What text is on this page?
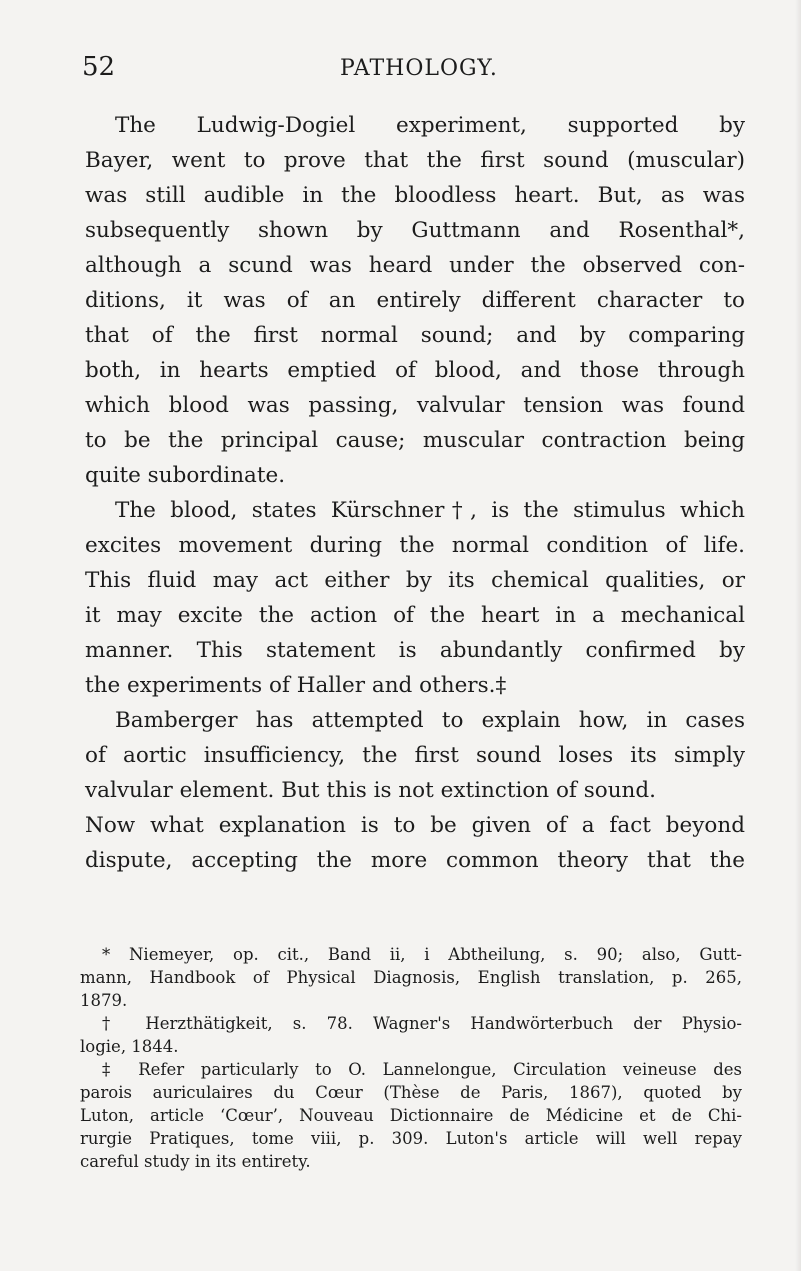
52	PATHOLOGY.
The Ludwig-Dogiel experiment, supported by
Bayer, went to prove that the first sound (muscular)
was still audible in the bloodless heart. But, as was
subsequently shown by Guttmann and Rosenthal*,
although a scund was heard under the observed con-
ditions, it was of an entirely different character to
that of the first normal sound; and by comparing
both, in hearts emptied of blood, and those through
which blood was passing, valvular tension was found
to be the principal cause; muscular contraction being
quite subordinate.
The blood, states Kürschner†, is the stimulus which
excites movement during the normal condition of life.
This fluid may act either by its chemical qualities, or
it may excite the action of the heart in a mechanical
manner. This statement is abundantly confirmed by
the experiments of Haller and others.‡
Bamberger has attempted to explain how, in cases
of aortic insufficiency, the first sound loses its simply
valvular element. But this is not extinction of sound.
Now what explanation is to be given of a fact beyond
dispute, accepting the more common theory that the
* Niemeyer, op. cit., Band ii, i Abtheilung, s. 90; also, Gutt-
mann, Handbook of Physical Diagnosis, English translation, p. 265,
1879.
† Herzthätigkeit, s. 78. Wagner's Handwörterbuch der Physio-
logie, 1844.
‡ Refer particularly to O. Lannelongue, Circulation veineuse des
parois auriculaires du Cœur (Thèse de Paris, 1867), quoted by
Luton, article ‘Cœur’, Nouveau Dictionnaire de Médicine et de Chi-
rurgie Pratiques, tome viii, p. 309. Luton's article will well repay
careful study in its entirety.
